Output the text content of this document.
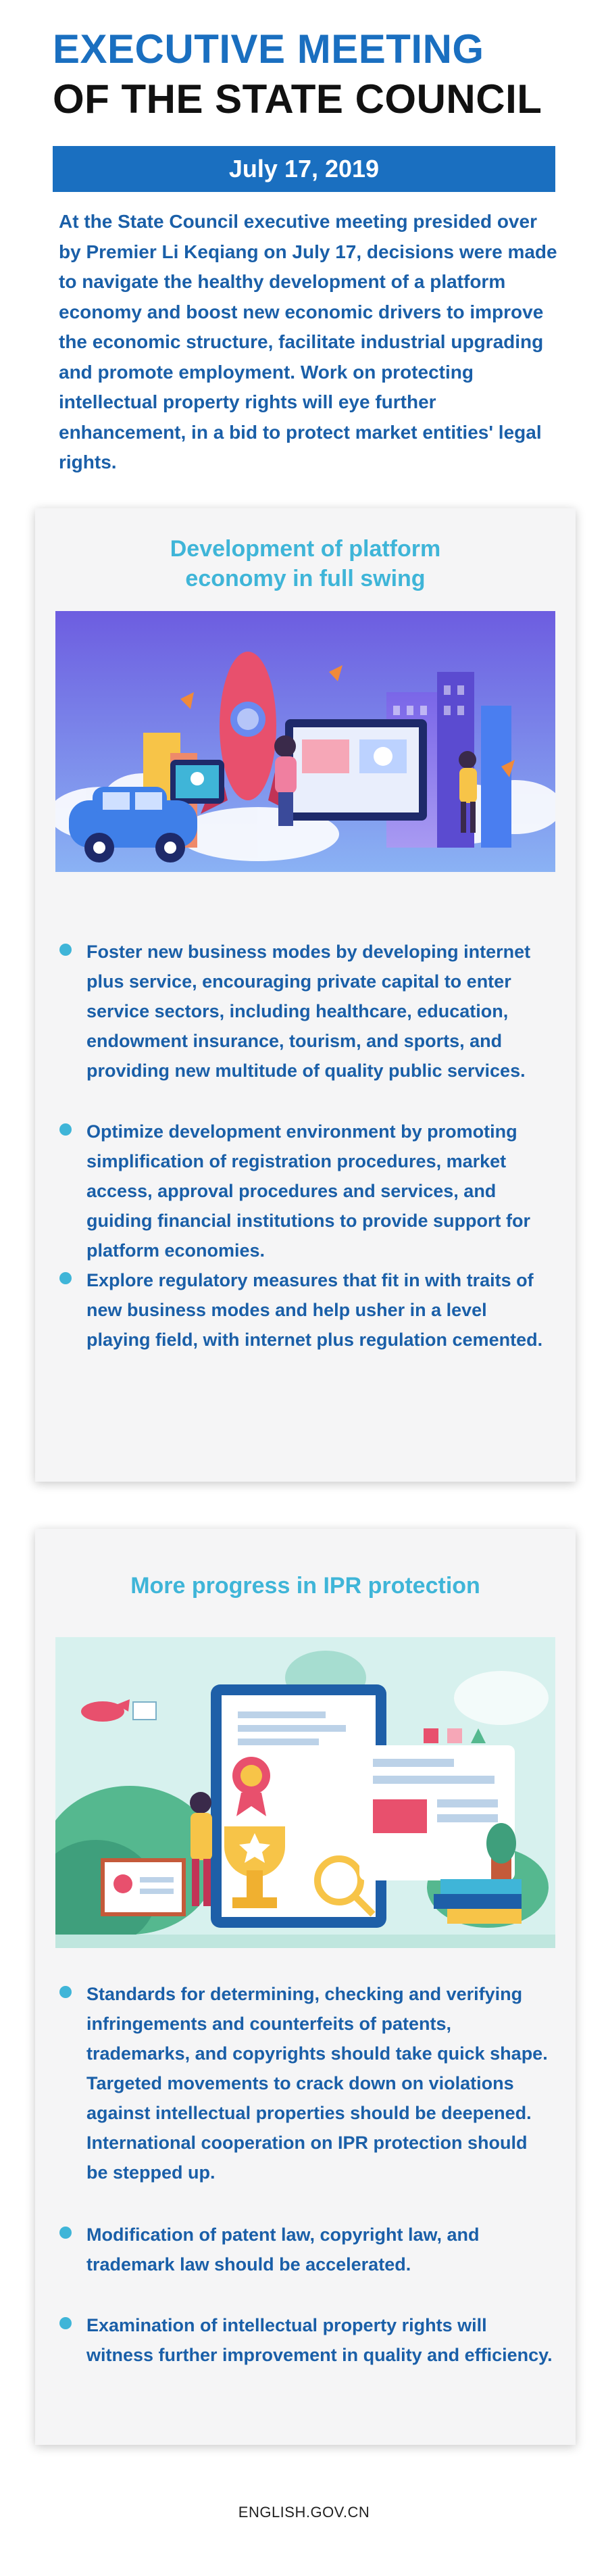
EXECUTIVE MEETING
OF THE STATE COUNCIL
July 17, 2019
At the State Council executive meeting presided over by Premier Li Keqiang on July 17, decisions were made to navigate the healthy development of a platform economy and boost new economic drivers to improve the economic structure, facilitate industrial upgrading and promote employment. Work on protecting intellectual property rights will eye further enhancement, in a bid to protect market entities' legal rights.
Development of platform
economy in full swing
Foster new business modes by developing internet plus service, encouraging private capital to enter service sectors, including healthcare, education, endowment insurance, tourism, and sports, and providing new multitude of quality public services.
Optimize development environment by promoting simplification of registration procedures, market access, approval procedures and services, and guiding financial institutions to provide support for platform economies.
Explore regulatory measures that fit in with traits of new business modes and help usher in a level playing field, with internet plus regulation cemented.
More progress in IPR protection
Standards for determining, checking and verifying infringements and counterfeits of patents, trademarks, and copyrights should take quick shape. Targeted movements to crack down on violations against intellectual properties should be deepened. International cooperation on IPR protection should be stepped up.
Modification of patent law, copyright law, and trademark law should be accelerated.
Examination of intellectual property rights will witness further improvement in quality and efficiency.
ENGLISH.GOV.CN
